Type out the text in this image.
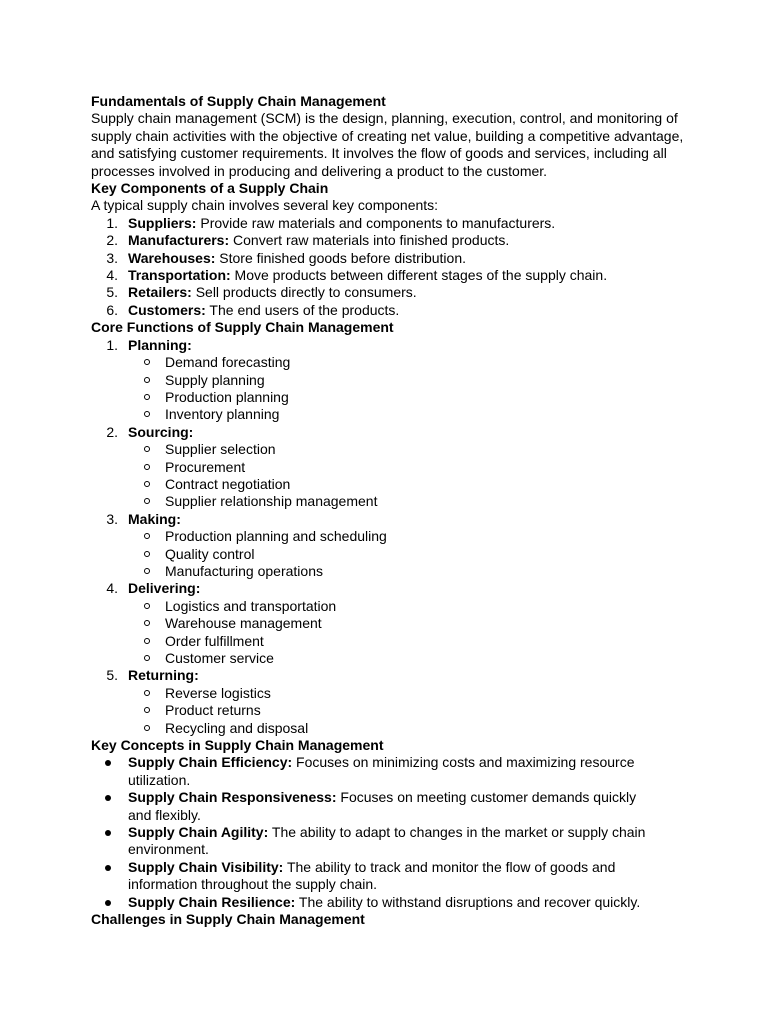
Fundamentals of Supply Chain Management

Supply chain management (SCM) is the design, planning, execution, control, and monitoring of supply chain activities with the objective of creating net value, building a competitive advantage, and satisfying customer requirements. It involves the flow of goods and services, including all processes involved in producing and delivering a product to the customer.

Key Components of a Supply Chain

A typical supply chain involves several key components:

1. Suppliers: Provide raw materials and components to manufacturers.
2. Manufacturers: Convert raw materials into finished products.
3. Warehouses: Store finished goods before distribution.
4. Transportation: Move products between different stages of the supply chain.
5. Retailers: Sell products directly to consumers.
6. Customers: The end users of the products.

Core Functions of Supply Chain Management

1. Planning:
Demand forecasting
Supply planning
Production planning
Inventory planning
2. Sourcing:
Supplier selection
Procurement
Contract negotiation
Supplier relationship management
3. Making:
Production planning and scheduling
Quality control
Manufacturing operations
4. Delivering:
Logistics and transportation
Warehouse management
Order fulfillment
Customer service
5. Returning:
Reverse logistics
Product returns
Recycling and disposal

Key Concepts in Supply Chain Management

Supply Chain Efficiency: Focuses on minimizing costs and maximizing resource utilization.
Supply Chain Responsiveness: Focuses on meeting customer demands quickly and flexibly.
Supply Chain Agility: The ability to adapt to changes in the market or supply chain environment.
Supply Chain Visibility: The ability to track and monitor the flow of goods and information throughout the supply chain.
Supply Chain Resilience: The ability to withstand disruptions and recover quickly.

Challenges in Supply Chain Management
